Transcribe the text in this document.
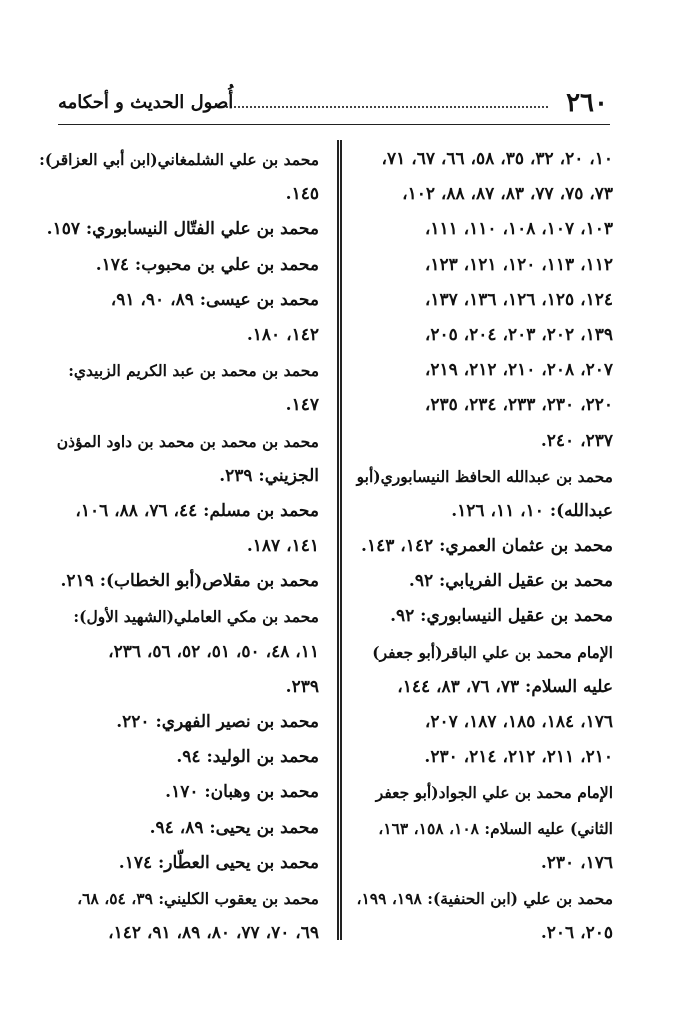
٢٦٠
أُصول الحديث و أحكامه
١٠، ٢٠، ٣٢، ٣٥، ٥٨، ٦٦، ٦٧، ٧١،
٧٣، ٧٥، ٧٧، ٨٣، ٨٧، ٨٨، ١٠٢،
١٠٣، ١٠٧، ١٠٨، ١١٠، ١١١،
١١٢، ١١٣، ١٢٠، ١٢١، ١٢٣،
١٢٤، ١٢٥، ١٢٦، ١٣٦، ١٣٧،
١٣٩، ٢٠٢، ٢٠٣، ٢٠٤، ٢٠٥،
٢٠٧، ٢٠٨، ٢١٠، ٢١٢، ٢١٩،
٢٢٠، ٢٣٠، ٢٣٣، ٢٣٤، ٢٣٥،
٢٣٧، ٢٤٠.
محمد بن عبدالله الحافظ النيسابوري(أبو
عبدالله): ١٠، ١١، ١٢٦.
محمد بن عثمان العمري: ١٤٢، ١٤٣.
محمد بن عقيل الفريابي: ٩٢.
محمد بن عقيل النيسابوري: ٩٢.
الإمام محمد بن علي الباقر(أبو جعفر)
عليه السلام: ٧٣، ٧٦، ٨٣، ١٤٤،
١٧٦، ١٨٤، ١٨٥، ١٨٧، ٢٠٧،
٢١٠، ٢١١، ٢١٢، ٢١٤، ٢٣٠.
الإمام محمد بن علي الجواد(أبو جعفر
الثاني) عليه السلام: ١٠٨، ١٥٨، ١٦٣،
١٧٦، ٢٣٠.
محمد بن علي (ابن الحنفية): ١٩٨، ١٩٩،
٢٠٥، ٢٠٦.
محمد بن علي الشلمغاني(ابن أبي العزاقر):
١٤٥.
محمد بن علي الفتّال النيسابوري: ١٥٧.
محمد بن علي بن محبوب: ١٧٤.
محمد بن عيسى: ٨٩، ٩٠، ٩١،
١٤٢، ١٨٠.
محمد بن محمد بن عبد الكريم الزبيدي:
١٤٧.
محمد بن محمد بن محمد بن داود المؤذن
الجزيني: ٢٣٩.
محمد بن مسلم: ٤٤، ٧٦، ٨٨، ١٠٦،
١٤١، ١٨٧.
محمد بن مقلاص(أبو الخطاب): ٢١٩.
محمد بن مكي العاملي(الشهيد الأول):
١١، ٤٨، ٥٠، ٥١، ٥٢، ٥٦، ٢٣٦،
٢٣٩.
محمد بن نصير الفهري: ٢٢٠.
محمد بن الوليد: ٩٤.
محمد بن وهبان: ١٧٠.
محمد بن يحيى: ٨٩، ٩٤.
محمد بن يحيى العطّار: ١٧٤.
محمد بن يعقوب الكليني: ٣٩، ٥٤، ٦٨،
٦٩، ٧٠، ٧٧، ٨٠، ٨٩، ٩١، ١٤٢،
